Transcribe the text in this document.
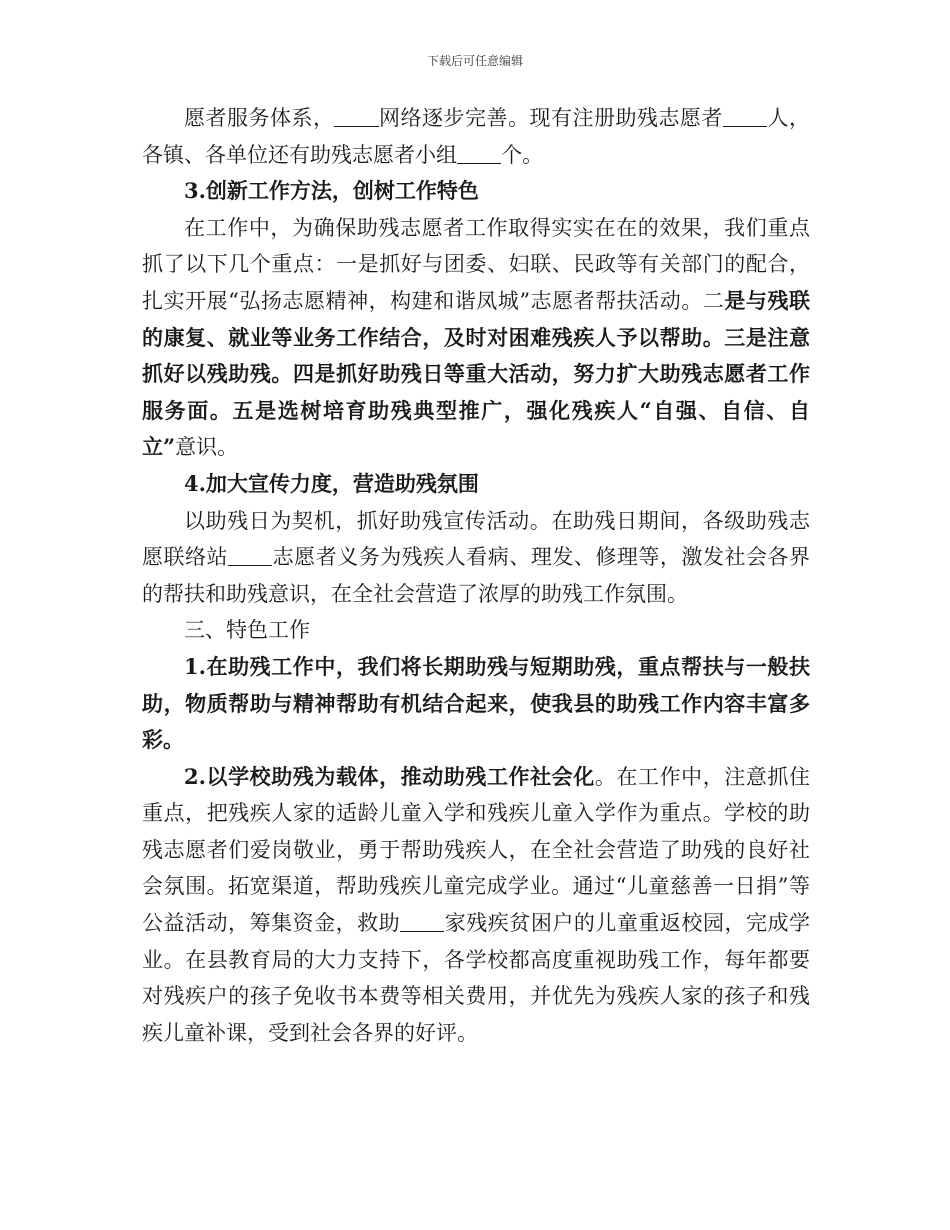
下载后可任意编辑

愿者服务体系， 网络逐步完善。现有注册助残志愿者 人，各镇、各单位还有助残志愿者小组 个。

3.创新工作方法，创树工作特色

在工作中，为确保助残志愿者工作取得实实在在的效果，我们重点抓了以下几个重点：一是抓好与团委、妇联、民政等有关部门的配合，扎实开展“弘扬志愿精神，构建和谐凤城”志愿者帮扶活动。二是与残联的康复、就业等业务工作结合，及时对困难残疾人予以帮助。三是注意抓好以残助残。四是抓好助残日等重大活动，努力扩大助残志愿者工作服务面。五是选树培育助残典型推广，强化残疾人“自强、自信、自立”意识。

4.加大宣传力度，营造助残氛围

以助残日为契机，抓好助残宣传活动。在助残日期间，各级助残志愿联络站 志愿者义务为残疾人看病、理发、修理等，激发社会各界的帮扶和助残意识，在全社会营造了浓厚的助残工作氛围。

三、特色工作

1.在助残工作中，我们将长期助残与短期助残，重点帮扶与一般扶助，物质帮助与精神帮助有机结合起来，使我县的助残工作内容丰富多彩。

2.以学校助残为载体，推动助残工作社会化。在工作中，注意抓住重点，把残疾人家的适龄儿童入学和残疾儿童入学作为重点。学校的助残志愿者们爱岗敬业，勇于帮助残疾人，在全社会营造了助残的良好社会氛围。拓宽渠道，帮助残疾儿童完成学业。通过“儿童慈善一日捐”等公益活动，筹集资金，救助 家残疾贫困户的儿童重返校园，完成学业。在县教育局的大力支持下，各学校都高度重视助残工作，每年都要对残疾户的孩子免收书本费等相关费用，并优先为残疾人家的孩子和残疾儿童补课，受到社会各界的好评。
